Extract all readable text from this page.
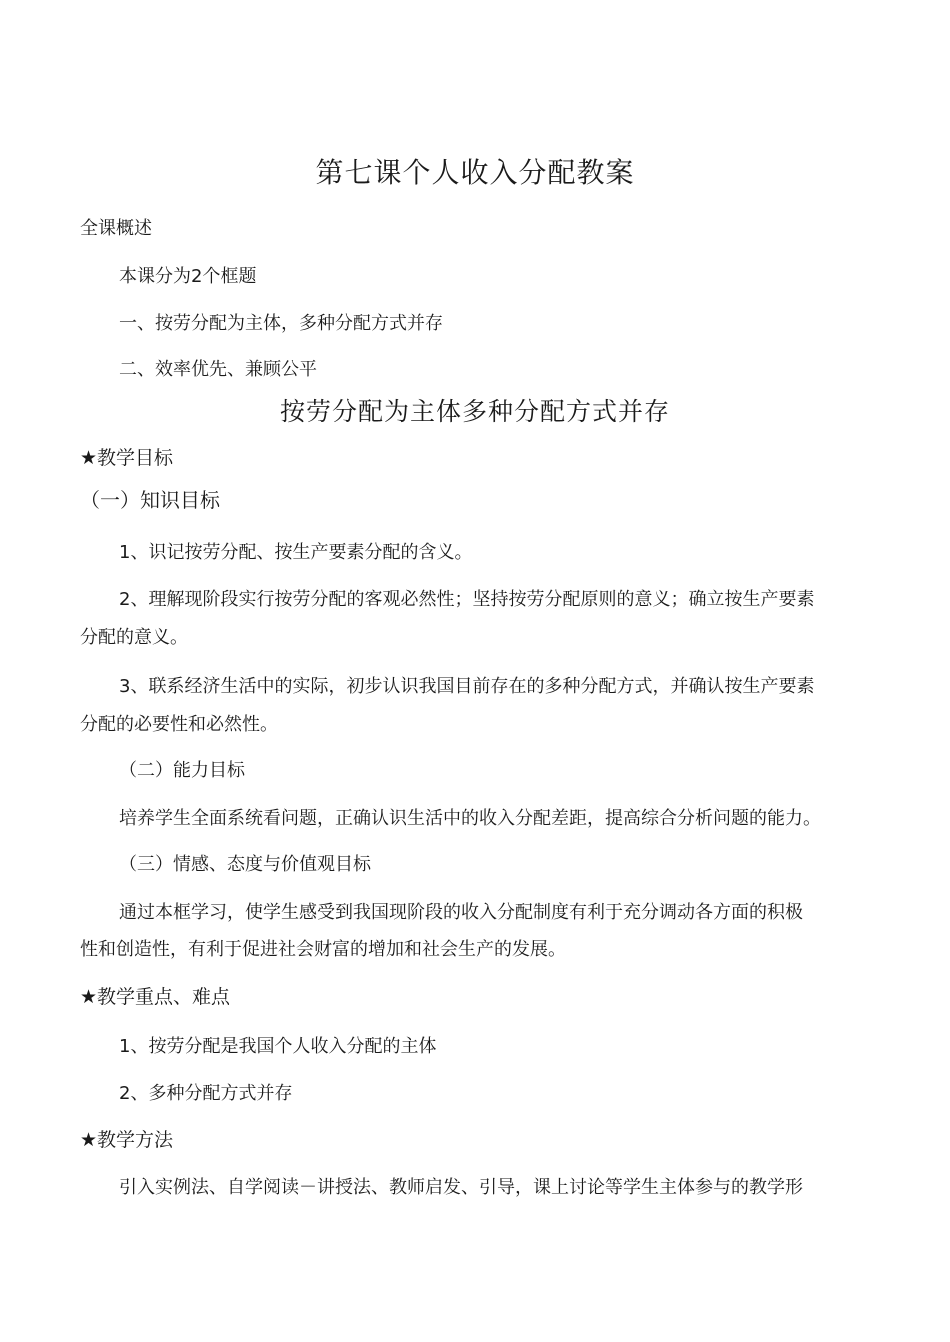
第七课个人收入分配教案

全课概述

本课分为2个框题

一、按劳分配为主体，多种分配方式并存

二、效率优先、兼顾公平

按劳分配为主体多种分配方式并存

★教学目标

（一）知识目标

1、识记按劳分配、按生产要素分配的含义。

2、理解现阶段实行按劳分配的客观必然性；坚持按劳分配原则的意义；确立按生产要素

分配的意义。

3、联系经济生活中的实际，初步认识我国目前存在的多种分配方式，并确认按生产要素

分配的必要性和必然性。

（二）能力目标

培养学生全面系统看问题，正确认识生活中的收入分配差距，提高综合分析问题的能力。

（三）情感、态度与价值观目标

通过本框学习，使学生感受到我国现阶段的收入分配制度有利于充分调动各方面的积极

性和创造性，有利于促进社会财富的增加和社会生产的发展。

★教学重点、难点

1、按劳分配是我国个人收入分配的主体

2、多种分配方式并存

★教学方法

引入实例法、自学阅读－讲授法、教师启发、引导，课上讨论等学生主体参与的教学形
